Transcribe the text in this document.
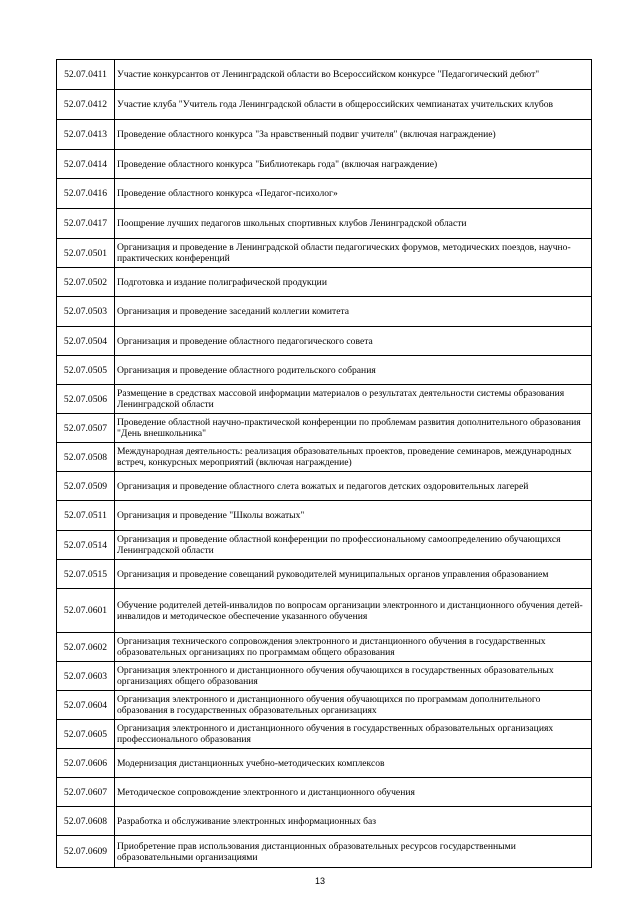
52.07.0411	Участие конкурсантов от Ленинградской области во Всероссийском конкурсе "Педагогический дебют"
52.07.0412	Участие клуба "Учитель года Ленинградской области в общероссийских чемпианатах учительских клубов
52.07.0413	Проведение областного конкурса "За нравственный подвиг учителя" (включая награждение)
52.07.0414	Проведение областного конкурса "Библиотекарь года" (включая награждение)
52.07.0416	Проведение областного конкурса «Педагог-психолог»
52.07.0417	Поощрение лучших педагогов школьных спортивных клубов Ленинградской области
52.07.0501	Организация и проведение в Ленинградской области педагогических форумов, методических поездов, научно-практических конференций
52.07.0502	Подготовка и издание полиграфической продукции
52.07.0503	Организация и проведение заседаний коллегии комитета
52.07.0504	Организация и проведение областного педагогического совета
52.07.0505	Организация и проведение областного родительского собрания
52.07.0506	Размещение в средствах массовой информации материалов о результатах деятельности системы образования Ленинградской области
52.07.0507	Проведение областной научно-практической конференции по проблемам развития дополнительного образования "День внешкольника"
52.07.0508	Международная деятельность: реализация образовательных проектов, проведение семинаров, международных встреч, конкурсных мероприятий (включая награждение)
52.07.0509	Организация и проведение областного слета вожатых и педагогов детских оздоровительных лагерей
52.07.0511	Организация и проведение "Школы вожатых"
52.07.0514	Организация и проведение областной конференции по профессиональному самоопределению обучающихся Ленинградской области
52.07.0515	Организация и проведение совещаний руководителей муниципальных органов управления образованием
52.07.0601	Обучение родителей детей-инвалидов по вопросам организации электронного и дистанционного обучения детей-инвалидов и методическое обеспечение указанного обучения
52.07.0602	Организация технического сопровождения электронного и дистанционного обучения в государственных образовательных организациях по программам общего образования
52.07.0603	Организация электронного и дистанционного обучения обучающихся в государственных образовательных организациях общего образования
52.07.0604	Организация электронного и дистанционного обучения обучающихся по программам дополнительного образования в государственных образовательных организациях
52.07.0605	Организация электронного и дистанционного обучения в государственных образовательных организациях профессионального образования
52.07.0606	Модернизация дистанционных учебно-методических комплексов
52.07.0607	Методическое сопровождение электронного и дистанционного обучения
52.07.0608	Разработка и обслуживание электронных информационных баз
52.07.0609	Приобретение прав использования дистанционных образовательных ресурсов государственными образовательными организациями
13
